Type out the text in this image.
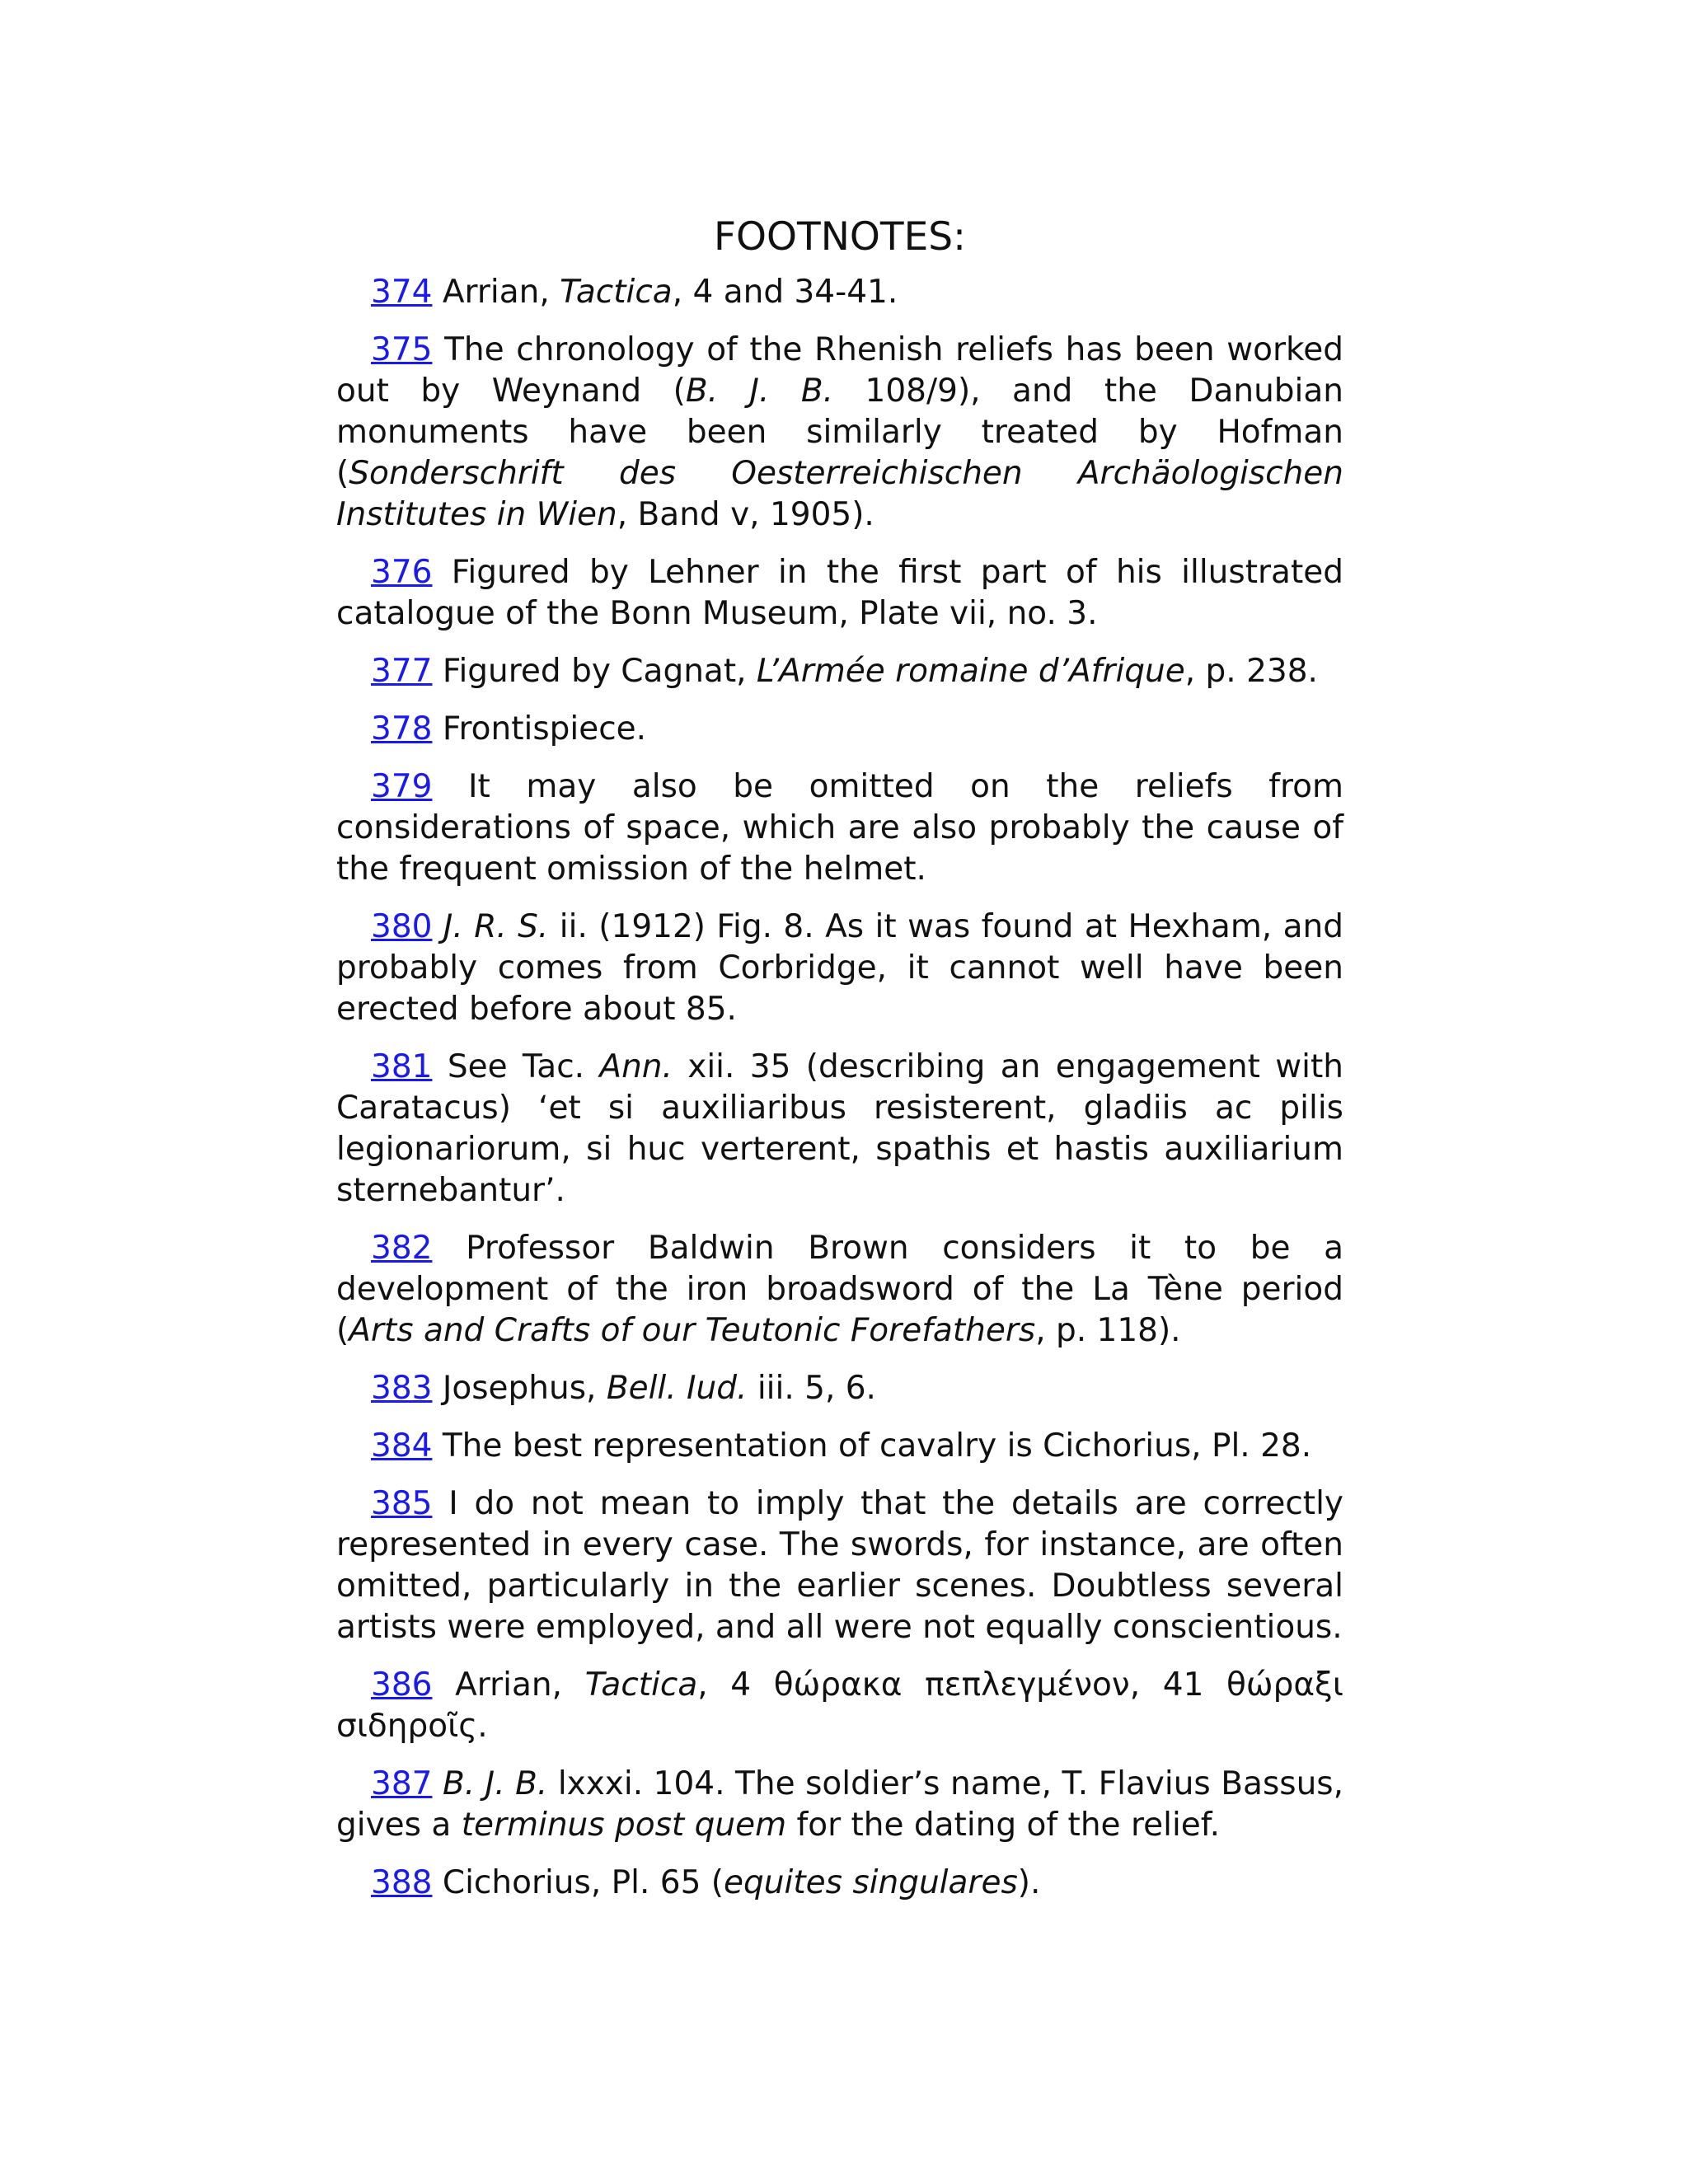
FOOTNOTES:

374 Arrian, Tactica, 4 and 34-41.

375 The chronology of the Rhenish reliefs has been worked out by Weynand (B. J. B. 108/9), and the Danubian monuments have been similarly treated by Hofman (Sonderschrift des Oesterreichischen Archäologischen Institutes in Wien, Band v, 1905).

376 Figured by Lehner in the first part of his illustrated catalogue of the Bonn Museum, Plate vii, no. 3.

377 Figured by Cagnat, L’Armée romaine d’Afrique, p. 238.

378 Frontispiece.

379 It may also be omitted on the reliefs from considerations of space, which are also probably the cause of the frequent omission of the helmet.

380 J. R. S. ii. (1912) Fig. 8. As it was found at Hexham, and probably comes from Corbridge, it cannot well have been erected before about 85.

381 See Tac. Ann. xii. 35 (describing an engagement with Caratacus) ‘et si auxiliaribus resisterent, gladiis ac pilis legionariorum, si huc verterent, spathis et hastis auxiliarium sternebantur’.

382 Professor Baldwin Brown considers it to be a development of the iron broadsword of the La Tène period (Arts and Crafts of our Teutonic Forefathers, p. 118).

383 Josephus, Bell. Iud. iii. 5, 6.

384 The best representation of cavalry is Cichorius, Pl. 28.

385 I do not mean to imply that the details are correctly represented in every case. The swords, for instance, are often omitted, particularly in the earlier scenes. Doubtless several artists were employed, and all were not equally conscientious.

386 Arrian, Tactica, 4 θώρακα πεπλεγμένον, 41 θώραξι σιδηροῖς.

387 B. J. B. lxxxi. 104. The soldier’s name, T. Flavius Bassus, gives a terminus post quem for the dating of the relief.

388 Cichorius, Pl. 65 (equites singulares).
